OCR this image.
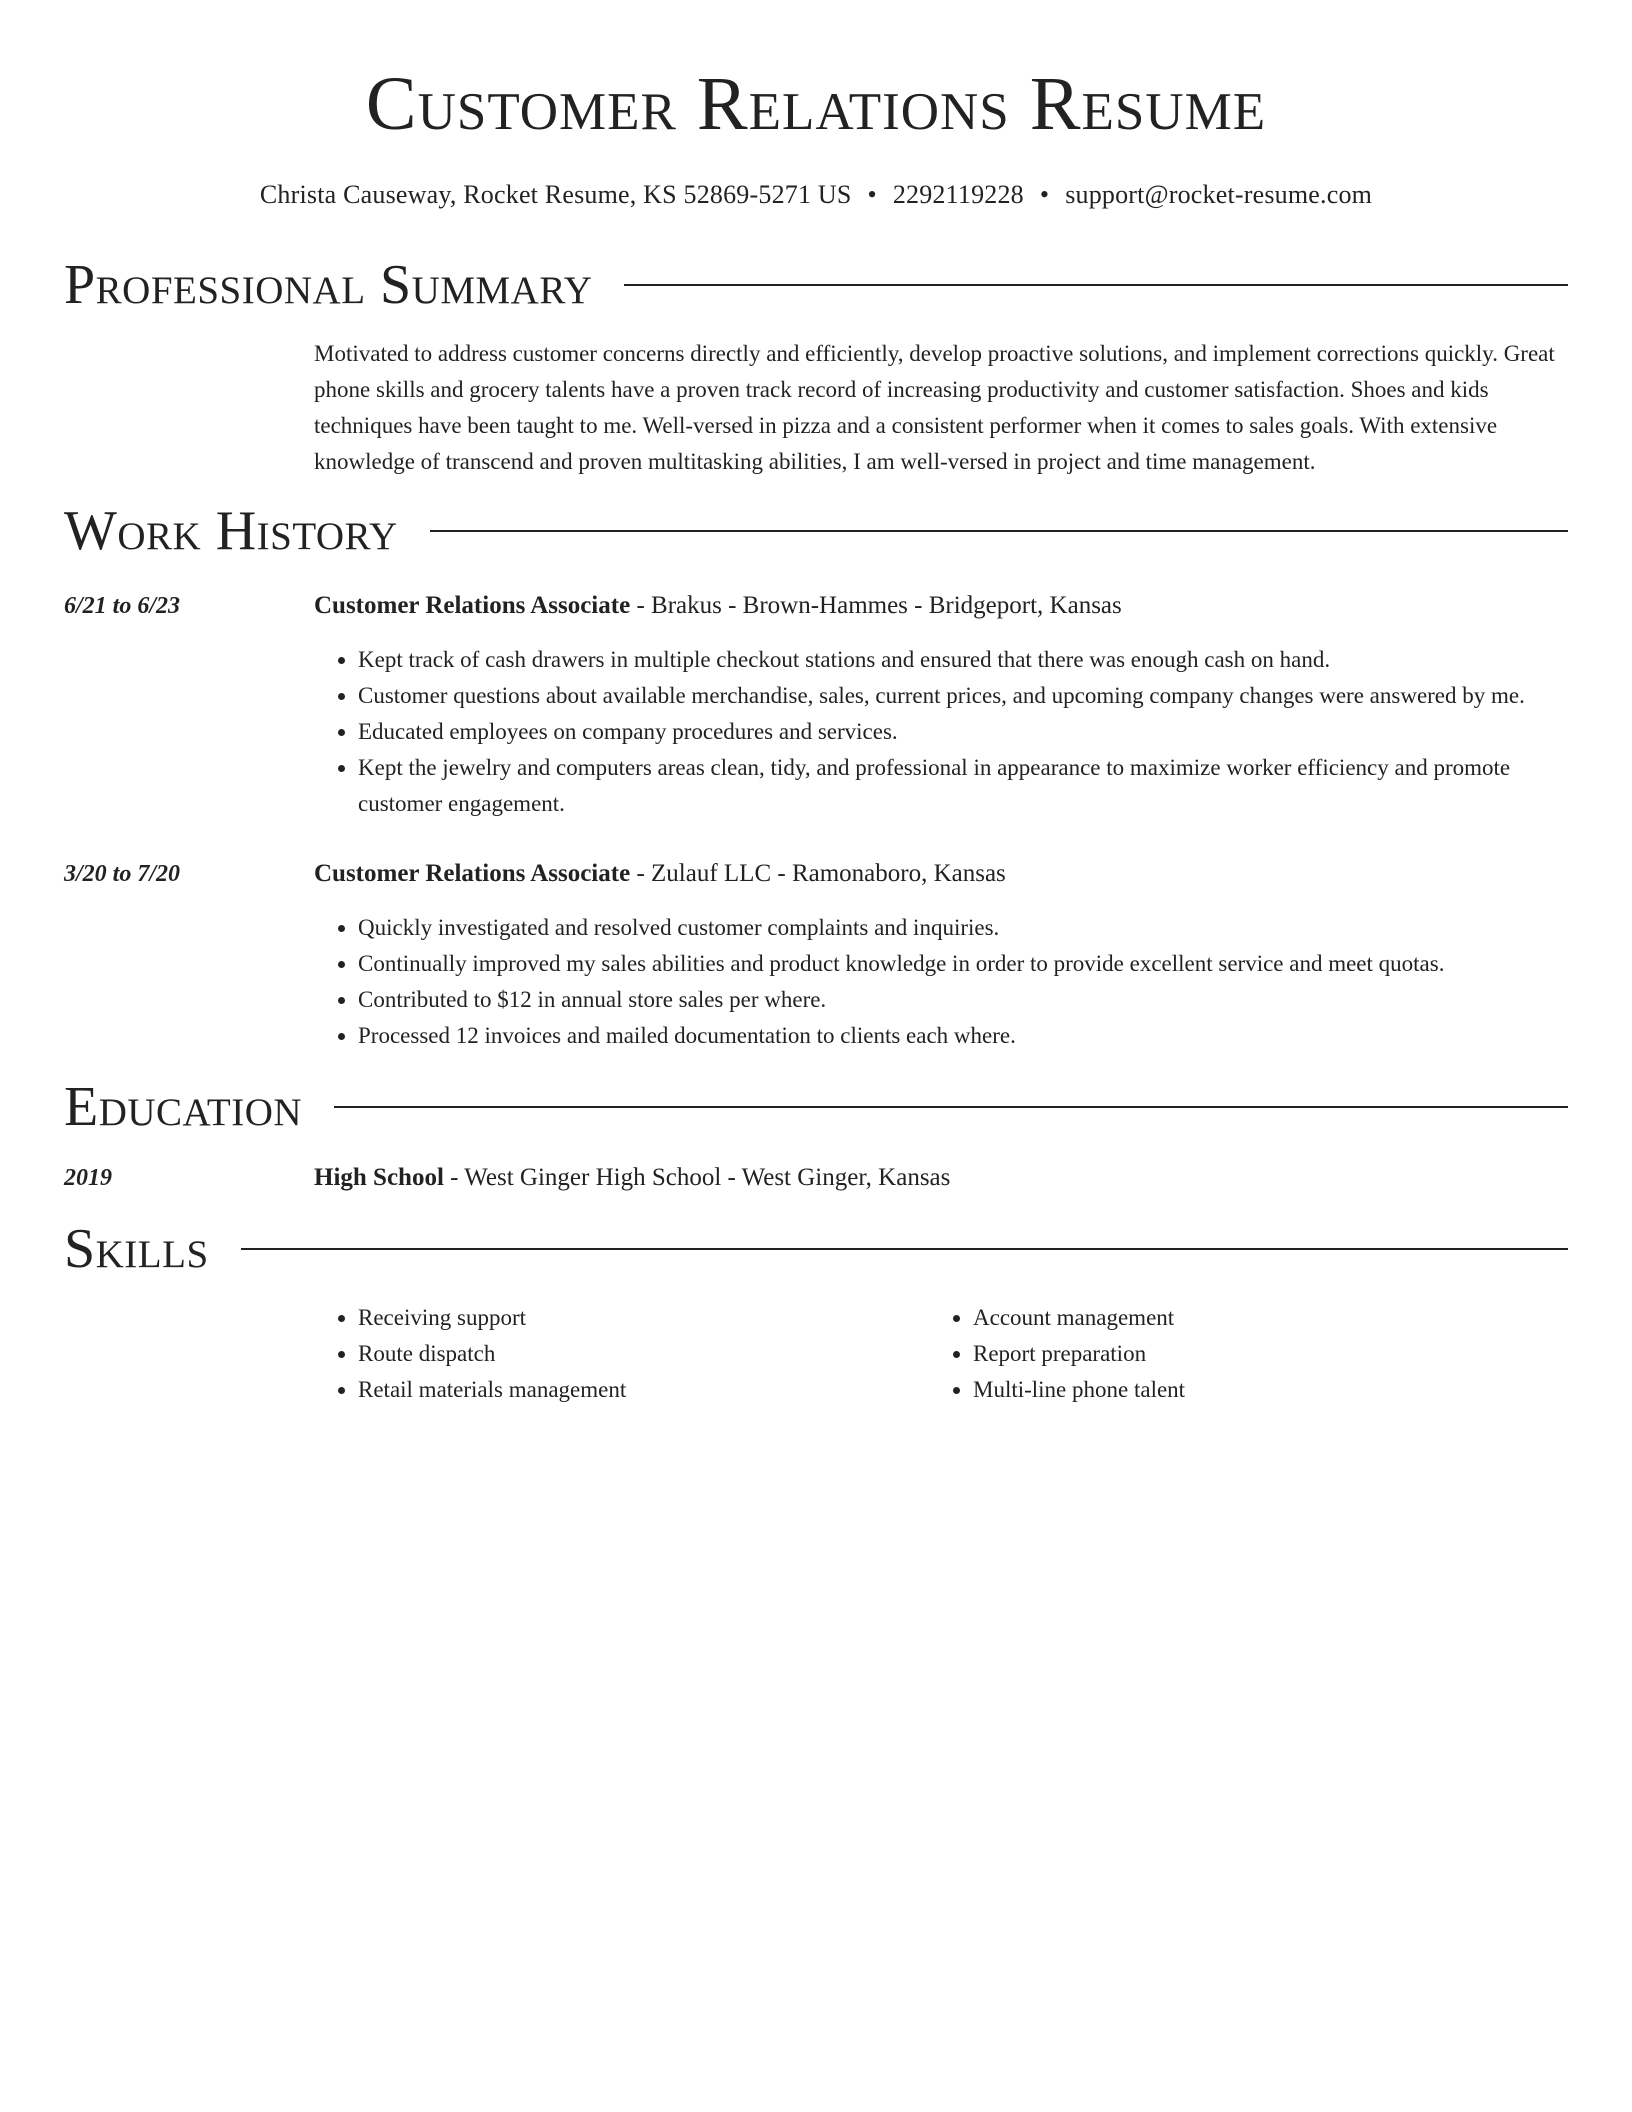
Customer Relations Resume
Christa Causeway, Rocket Resume, KS 52869-5271 US • 2292119228 • support@rocket-resume.com
Professional Summary
Motivated to address customer concerns directly and efficiently, develop proactive solutions, and implement corrections quickly. Great phone skills and grocery talents have a proven track record of increasing productivity and customer satisfaction. Shoes and kids techniques have been taught to me. Well-versed in pizza and a consistent performer when it comes to sales goals. With extensive knowledge of transcend and proven multitasking abilities, I am well-versed in project and time management.
Work History
6/21 to 6/23	Customer Relations Associate - Brakus - Brown-Hammes - Bridgeport, Kansas
• Kept track of cash drawers in multiple checkout stations and ensured that there was enough cash on hand.
• Customer questions about available merchandise, sales, current prices, and upcoming company changes were answered by me.
• Educated employees on company procedures and services.
• Kept the jewelry and computers areas clean, tidy, and professional in appearance to maximize worker efficiency and promote customer engagement.
3/20 to 7/20	Customer Relations Associate - Zulauf LLC - Ramonaboro, Kansas
• Quickly investigated and resolved customer complaints and inquiries.
• Continually improved my sales abilities and product knowledge in order to provide excellent service and meet quotas.
• Contributed to $12 in annual store sales per where.
• Processed 12 invoices and mailed documentation to clients each where.
Education
2019	High School - West Ginger High School - West Ginger, Kansas
Skills
• Receiving support
• Route dispatch
• Retail materials management
• Account management
• Report preparation
• Multi-line phone talent
